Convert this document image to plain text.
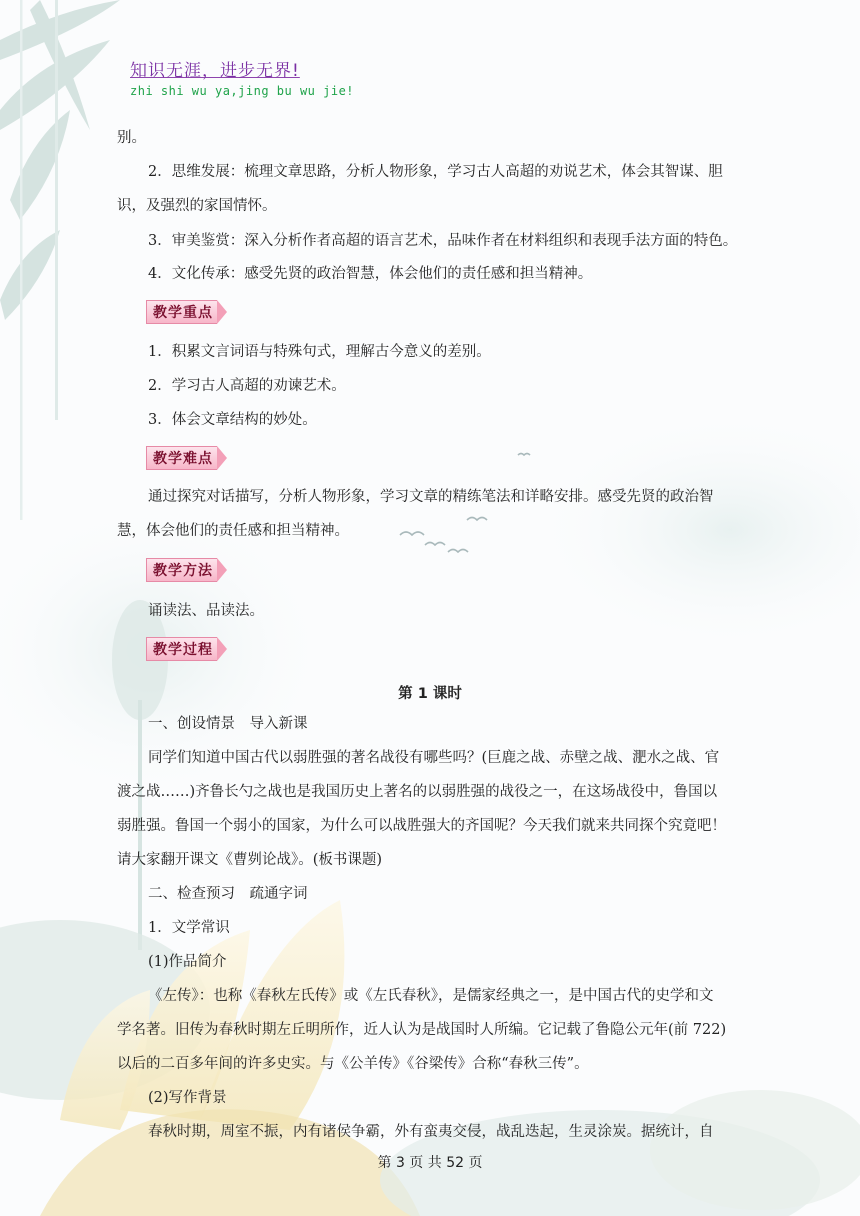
知识无涯，进步无界!
zhi shi wu ya,jing bu wu jie!
别。
2．思维发展：梳理文章思路，分析人物形象，学习古人高超的劝说艺术，体会其智谋、胆
识，及强烈的家国情怀。
3．审美鉴赏：深入分析作者高超的语言艺术，品味作者在材料组织和表现手法方面的特色。
4．文化传承：感受先贤的政治智慧，体会他们的责任感和担当精神。
教学重点
1．积累文言词语与特殊句式，理解古今意义的差别。
2．学习古人高超的劝谏艺术。
3．体会文章结构的妙处。
教学难点
通过探究对话描写，分析人物形象，学习文章的精练笔法和详略安排。感受先贤的政治智
慧，体会他们的责任感和担当精神。
教学方法
诵读法、品读法。
教学过程
第 1 课时
一、创设情景　导入新课
同学们知道中国古代以弱胜强的著名战役有哪些吗？(巨鹿之战、赤壁之战、淝水之战、官
渡之战……)齐鲁长勺之战也是我国历史上著名的以弱胜强的战役之一，在这场战役中，鲁国以
弱胜强。鲁国一个弱小的国家，为什么可以战胜强大的齐国呢？今天我们就来共同探个究竟吧！
请大家翻开课文《曹刿论战》。(板书课题)
二、检查预习　疏通字词
1．文学常识
(1)作品简介
《左传》：也称《春秋左氏传》或《左氏春秋》，是儒家经典之一，是中国古代的史学和文
学名著。旧传为春秋时期左丘明所作，近人认为是战国时人所编。它记载了鲁隐公元年(前 722)
以后的二百多年间的许多史实。与《公羊传》《谷梁传》合称“春秋三传”。
(2)写作背景
春秋时期，周室不振，内有诸侯争霸，外有蛮夷交侵，战乱迭起，生灵涂炭。据统计，自
第 3 页 共 52 页
